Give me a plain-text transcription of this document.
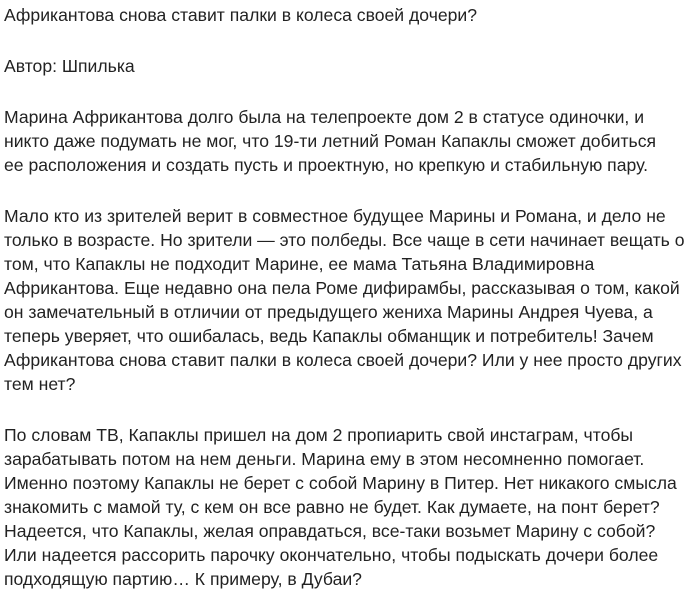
Африкантова снова ставит палки в колеса своей дочери?
Автор: Шпилька
Марина Африкантова долго была на телепроекте дом 2 в статусе одиночки, и
никто даже подумать не мог, что 19-ти летний Роман Капаклы сможет добиться
ее расположения и создать пусть и проектную, но крепкую и стабильную пару.
Мало кто из зрителей верит в совместное будущее Марины и Романа, и дело не
только в возрасте. Но зрители — это полбеды. Все чаще в сети начинает вещать о
том, что Капаклы не подходит Марине, ее мама Татьяна Владимировна
Африкантова. Еще недавно она пела Роме дифирамбы, рассказывая о том, какой
он замечательный в отличии от предыдущего жениха Марины Андрея Чуева, а
теперь уверяет, что ошибалась, ведь Капаклы обманщик и потребитель! Зачем
Африкантова снова ставит палки в колеса своей дочери? Или у нее просто других
тем нет?
По словам ТВ, Капаклы пришел на дом 2 пропиарить свой инстаграм, чтобы
зарабатывать потом на нем деньги. Марина ему в этом несомненно помогает.
Именно поэтому Капаклы не берет с собой Марину в Питер. Нет никакого смысла
знакомить с мамой ту, с кем он все равно не будет. Как думаете, на понт берет?
Надеется, что Капаклы, желая оправдаться, все-таки возьмет Марину с собой?
Или надеется рассорить парочку окончательно, чтобы подыскать дочери более
подходящую партию… К примеру, в Дубаи?
